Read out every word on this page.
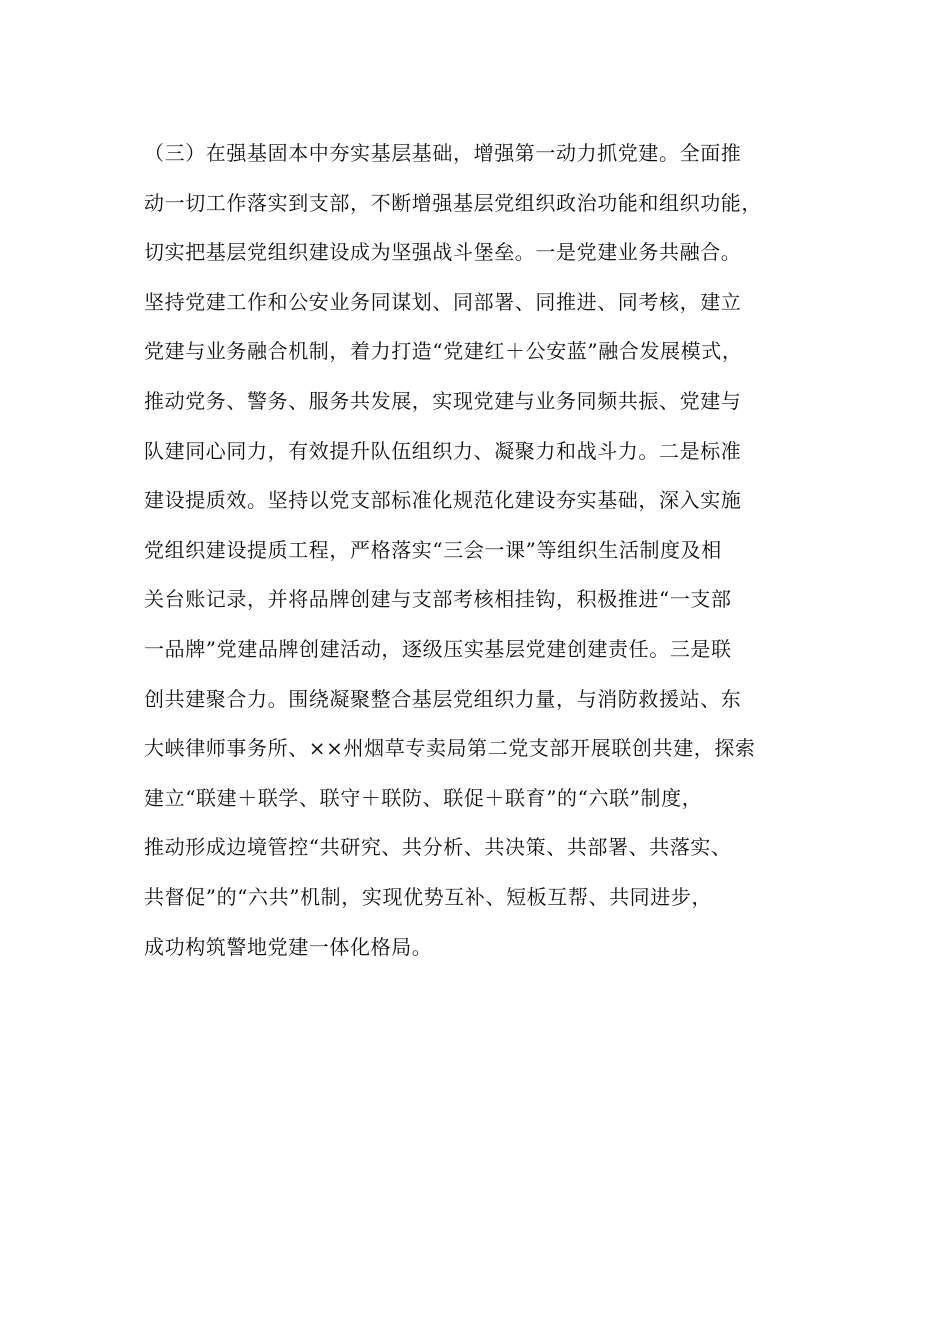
（三）在强基固本中夯实基层基础，增强第一动力抓党建。全面推
动一切工作落实到支部，不断增强基层党组织政治功能和组织功能，
切实把基层党组织建设成为坚强战斗堡垒。一是党建业务共融合。
坚持党建工作和公安业务同谋划、同部署、同推进、同考核，建立
党建与业务融合机制，着力打造“党建红＋公安蓝”融合发展模式，
推动党务、警务、服务共发展，实现党建与业务同频共振、党建与
队建同心同力，有效提升队伍组织力、凝聚力和战斗力。二是标准
建设提质效。坚持以党支部标准化规范化建设夯实基础，深入实施
党组织建设提质工程，严格落实“三会一课”等组织生活制度及相
关台账记录，并将品牌创建与支部考核相挂钩，积极推进“一支部
一品牌”党建品牌创建活动，逐级压实基层党建创建责任。三是联
创共建聚合力。围绕凝聚整合基层党组织力量，与消防救援站、东
大峡律师事务所、××州烟草专卖局第二党支部开展联创共建，探索
建立“联建＋联学、联守＋联防、联促＋联育”的“六联”制度，
推动形成边境管控“共研究、共分析、共决策、共部署、共落实、
共督促”的“六共”机制，实现优势互补、短板互帮、共同进步，
成功构筑警地党建一体化格局。
